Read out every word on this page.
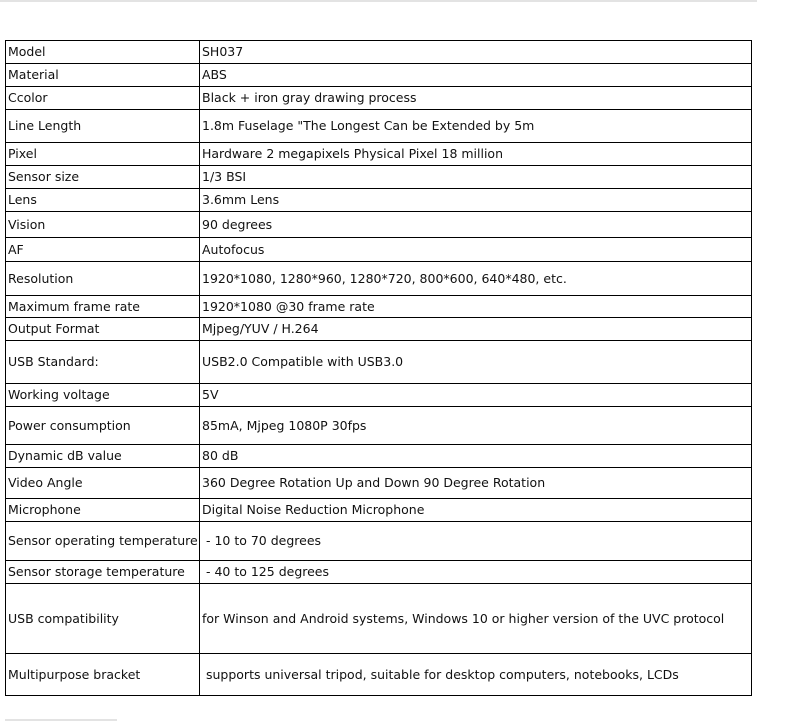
Model	SH037
Material	ABS
Ccolor	Black + iron gray drawing process
Line Length	1.8m Fuselage "The Longest Can be Extended by 5m
Pixel	Hardware 2 megapixels Physical Pixel 18 million
Sensor size	1/3 BSI
Lens	3.6mm Lens
Vision	90 degrees
AF	Autofocus
Resolution	1920*1080, 1280*960, 1280*720, 800*600, 640*480, etc.
Maximum frame rate	1920*1080 @30 frame rate
Output Format	Mjpeg/YUV / H.264
USB Standard:	USB2.0 Compatible with USB3.0
Working voltage	5V
Power consumption	85mA, Mjpeg 1080P 30fps
Dynamic dB value	80 dB
Video Angle	360 Degree Rotation Up and Down 90 Degree Rotation
Microphone	Digital Noise Reduction Microphone
Sensor operating temperature	- 10 to 70 degrees
Sensor storage temperature	- 40 to 125 degrees
USB compatibility	for Winson and Android systems, Windows 10 or higher version of the UVC protocol
Multipurpose bracket	supports universal tripod, suitable for desktop computers, notebooks, LCDs
